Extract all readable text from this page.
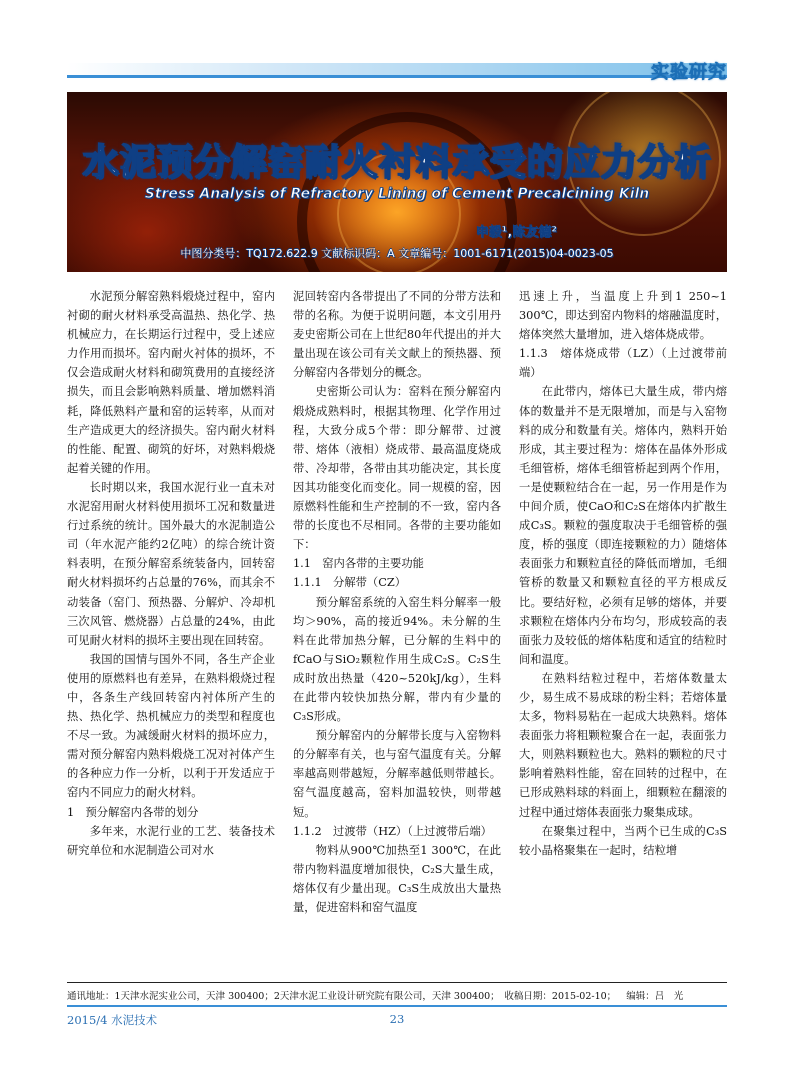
实验研究
水泥预分解窑耐火衬料承受的应力分析
Stress Analysis of Refractory Lining of Cement Precalcining Kiln
申毅¹,陈友德²
中图分类号：TQ172.622.9 文献标识码：A 文章编号：1001-6171(2015)04-0023-05

水泥预分解窑熟料煅烧过程中，窑内衬砌的耐火材料承受高温热、热化学、热机械应力，在长期运行过程中，受上述应力作用而损坏。窑内耐火衬体的损坏，不仅会造成耐火材料和砌筑费用的直接经济损失，而且会影响熟料质量、增加燃料消耗，降低熟料产量和窑的运转率，从而对生产造成更大的经济损失。窑内耐火材料的性能、配置、砌筑的好坏，对熟料煅烧起着关键的作用。

长时期以来，我国水泥行业一直未对水泥窑用耐火材料使用损坏工况和数量进行过系统的统计。国外最大的水泥制造公司（年水泥产能约2亿吨）的综合统计资料表明，在预分解窑系统装备内，回转窑耐火材料损坏约占总量的76%，而其余不动装备（窑门、预热器、分解炉、冷却机三次风管、燃烧器）占总量的24%，由此可见耐火材料的损坏主要出现在回转窑。

我国的国情与国外不同，各生产企业使用的原燃料也有差异，在熟料煅烧过程中，各条生产线回转窑内衬体所产生的热、热化学、热机械应力的类型和程度也不尽一致。为减缓耐火材料的损坏应力，需对预分解窑内熟料煅烧工况对衬体产生的各种应力作一分析，以利于开发适应于窑内不同应力的耐火材料。

1　预分解窑内各带的划分

多年来，水泥行业的工艺、装备技术研究单位和水泥制造公司对水

泥回转窑内各带提出了不同的分带方法和带的名称。为便于说明问题，本文引用丹麦史密斯公司在上世纪80年代提出的并大量出现在该公司有关文献上的预热器、预分解窑内各带划分的概念。

史密斯公司认为：窑料在预分解窑内煅烧成熟料时，根据其物理、化学作用过程，大致分成5个带：即分解带、过渡带、熔体（液相）烧成带、最高温度烧成带、冷却带，各带由其功能决定，其长度因其功能变化而变化。同一规模的窑，因原燃料性能和生产控制的不一致，窑内各带的长度也不尽相同。各带的主要功能如下：

1.1　窑内各带的主要功能
1.1.1　分解带（CZ）

预分解窑系统的入窑生料分解率一般均＞90%，高的接近94%。未分解的生料在此带加热分解，已分解的生料中的fCaO与SiO₂颗粒作用生成C₂S。C₂S生成时放出热量（420~520kJ/kg），生料在此带内较快加热分解，带内有少量的C₃S形成。

预分解窑内的分解带长度与入窑物料的分解率有关，也与窑气温度有关。分解率越高则带越短，分解率越低则带越长。窑气温度越高，窑料加温较快，则带越短。

1.1.2　过渡带（HZ）（上过渡带后端）

物料从900℃加热至1 300℃，在此带内物料温度增加很快，C₂S大量生成，熔体仅有少量出现。C₃S生成放出大量热量，促进窑料和窑气温度

迅速上升，当温度上升到1 250~1 300℃，即达到窑内物料的熔融温度时，熔体突然大量增加，进入熔体烧成带。

1.1.3　熔体烧成带（LZ）（上过渡带前端）

在此带内，熔体已大量生成，带内熔体的数量并不是无限增加，而是与入窑物料的成分和数量有关。熔体内，熟料开始形成，其主要过程为：熔体在晶体外形成毛细管桥，熔体毛细管桥起到两个作用，一是使颗粒结合在一起，另一作用是作为中间介质，使CaO和C₂S在熔体内扩散生成C₃S。颗粒的强度取决于毛细管桥的强度，桥的强度（即连接颗粒的力）随熔体表面张力和颗粒直径的降低而增加，毛细管桥的数量又和颗粒直径的平方根成反比。要结好粒，必须有足够的熔体，并要求颗粒在熔体内分布均匀，形成较高的表面张力及较低的熔体粘度和适宜的结粒时间和温度。

在熟料结粒过程中，若熔体数量太少，易生成不易成球的粉尘料；若熔体量太多，物料易粘在一起成大块熟料。熔体表面张力将粗颗粒聚合在一起，表面张力大，则熟料颗粒也大。熟料的颗粒的尺寸影响着熟料性能，窑在回转的过程中，在已形成熟料球的料面上，细颗粒在翻滚的过程中通过熔体表面张力聚集成球。

在聚集过程中，当两个已生成的C₃S较小晶格聚集在一起时，结粒增

通讯地址：1天津水泥实业公司，天津 300400；2天津水泥工业设计研究院有限公司，天津 300400；　收稿日期：2015-02-10； 编辑：吕　光
2015/4 水泥技术	23
